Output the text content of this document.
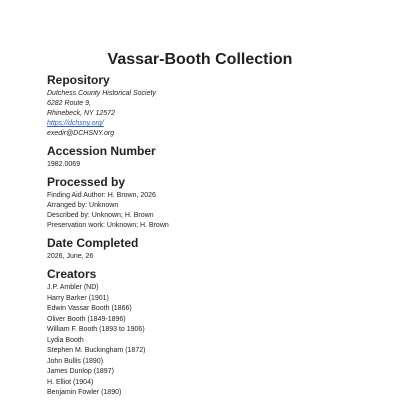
Vassar-Booth Collection
Repository
Dutchess County Historical Society
6282 Route 9,
Rhinebeck, NY 12572
https://dchsny.org/
exedir@DCHSNY.org
Accession Number
1982.0069
Processed by
Finding Aid Author: H. Brown, 2026
Arranged by: Unknown
Described by: Unknown; H. Brown
Preservation work: Unknown; H. Brown
Date Completed
2026, June, 26
Creators
J.P. Ambler (ND)
Harry Barker (1901)
Edwin Vassar Booth (1866)
Oliver Booth (1849-1896)
William F. Booth (1893 to 1906)
Lydia Booth
Stephen M. Buckingham (1872)
John Bullis (1890)
James Dunlop (1897)
H. Elliot (1904)
Benjamin Fowler (1890)
